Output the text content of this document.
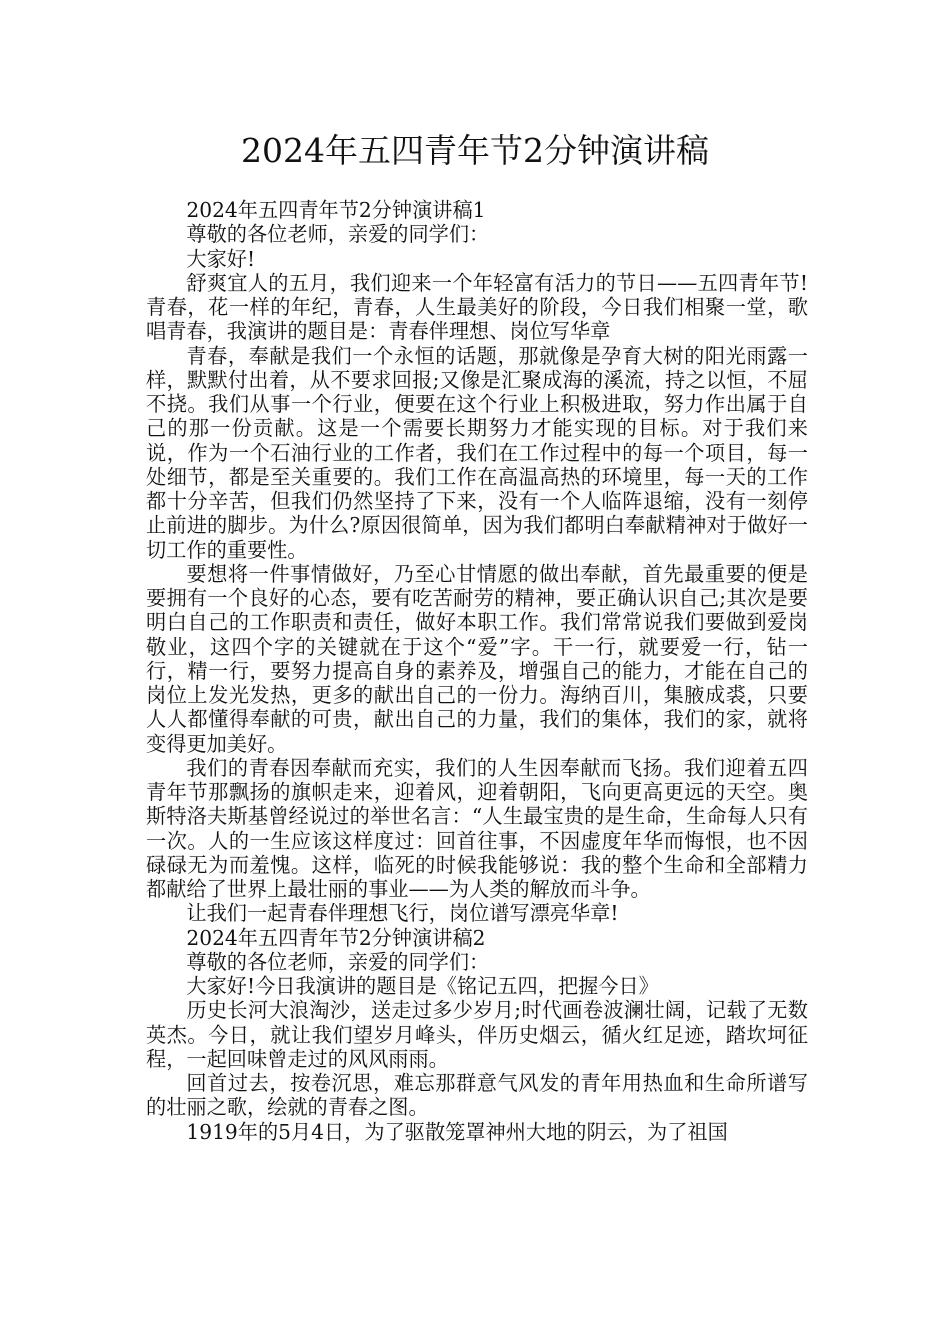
2024年五四青年节2分钟演讲稿

2024年五四青年节2分钟演讲稿1

尊敬的各位老师，亲爱的同学们：

大家好!

舒爽宜人的五月，我们迎来一个年轻富有活力的节日——五四青年节!青春，花一样的年纪，青春，人生最美好的阶段，今日我们相聚一堂，歌唱青春，我演讲的题目是：青春伴理想、岗位写华章

青春，奉献是我们一个永恒的话题，那就像是孕育大树的阳光雨露一样，默默付出着，从不要求回报;又像是汇聚成海的溪流，持之以恒，不屈不挠。我们从事一个行业，便要在这个行业上积极进取，努力作出属于自己的那一份贡献。这是一个需要长期努力才能实现的目标。对于我们来说，作为一个石油行业的工作者，我们在工作过程中的每一个项目，每一处细节，都是至关重要的。我们工作在高温高热的环境里，每一天的工作都十分辛苦，但我们仍然坚持了下来，没有一个人临阵退缩，没有一刻停止前进的脚步。为什么?原因很简单，因为我们都明白奉献精神对于做好一切工作的重要性。

要想将一件事情做好，乃至心甘情愿的做出奉献，首先最重要的便是要拥有一个良好的心态，要有吃苦耐劳的精神，要正确认识自己;其次是要明白自己的工作职责和责任，做好本职工作。我们常常说我们要做到爱岗敬业，这四个字的关键就在于这个“爱”字。干一行，就要爱一行，钻一行，精一行，要努力提高自身的素养及，增强自己的能力，才能在自己的岗位上发光发热，更多的献出自己的一份力。海纳百川，集腋成裘，只要人人都懂得奉献的可贵，献出自己的力量，我们的集体，我们的家，就将变得更加美好。

我们的青春因奉献而充实，我们的人生因奉献而飞扬。我们迎着五四青年节那飘扬的旗帜走来，迎着风，迎着朝阳，飞向更高更远的天空。奥斯特洛夫斯基曾经说过的举世名言：“人生最宝贵的是生命，生命每人只有一次。人的一生应该这样度过：回首往事，不因虚度年华而悔恨，也不因碌碌无为而羞愧。这样，临死的时候我能够说：我的整个生命和全部精力都献给了世界上最壮丽的事业——为人类的解放而斗争。

让我们一起青春伴理想飞行，岗位谱写漂亮华章!

2024年五四青年节2分钟演讲稿2

尊敬的各位老师，亲爱的同学们：

大家好!今日我演讲的题目是《铭记五四，把握今日》

历史长河大浪淘沙，送走过多少岁月;时代画卷波澜壮阔，记载了无数英杰。今日，就让我们望岁月峰头，伴历史烟云，循火红足迹，踏坎坷征程，一起回味曾走过的风风雨雨。

回首过去，按卷沉思，难忘那群意气风发的青年用热血和生命所谱写的壮丽之歌，绘就的青春之图。

1919年的5月4日，为了驱散笼罩神州大地的阴云，为了祖国
